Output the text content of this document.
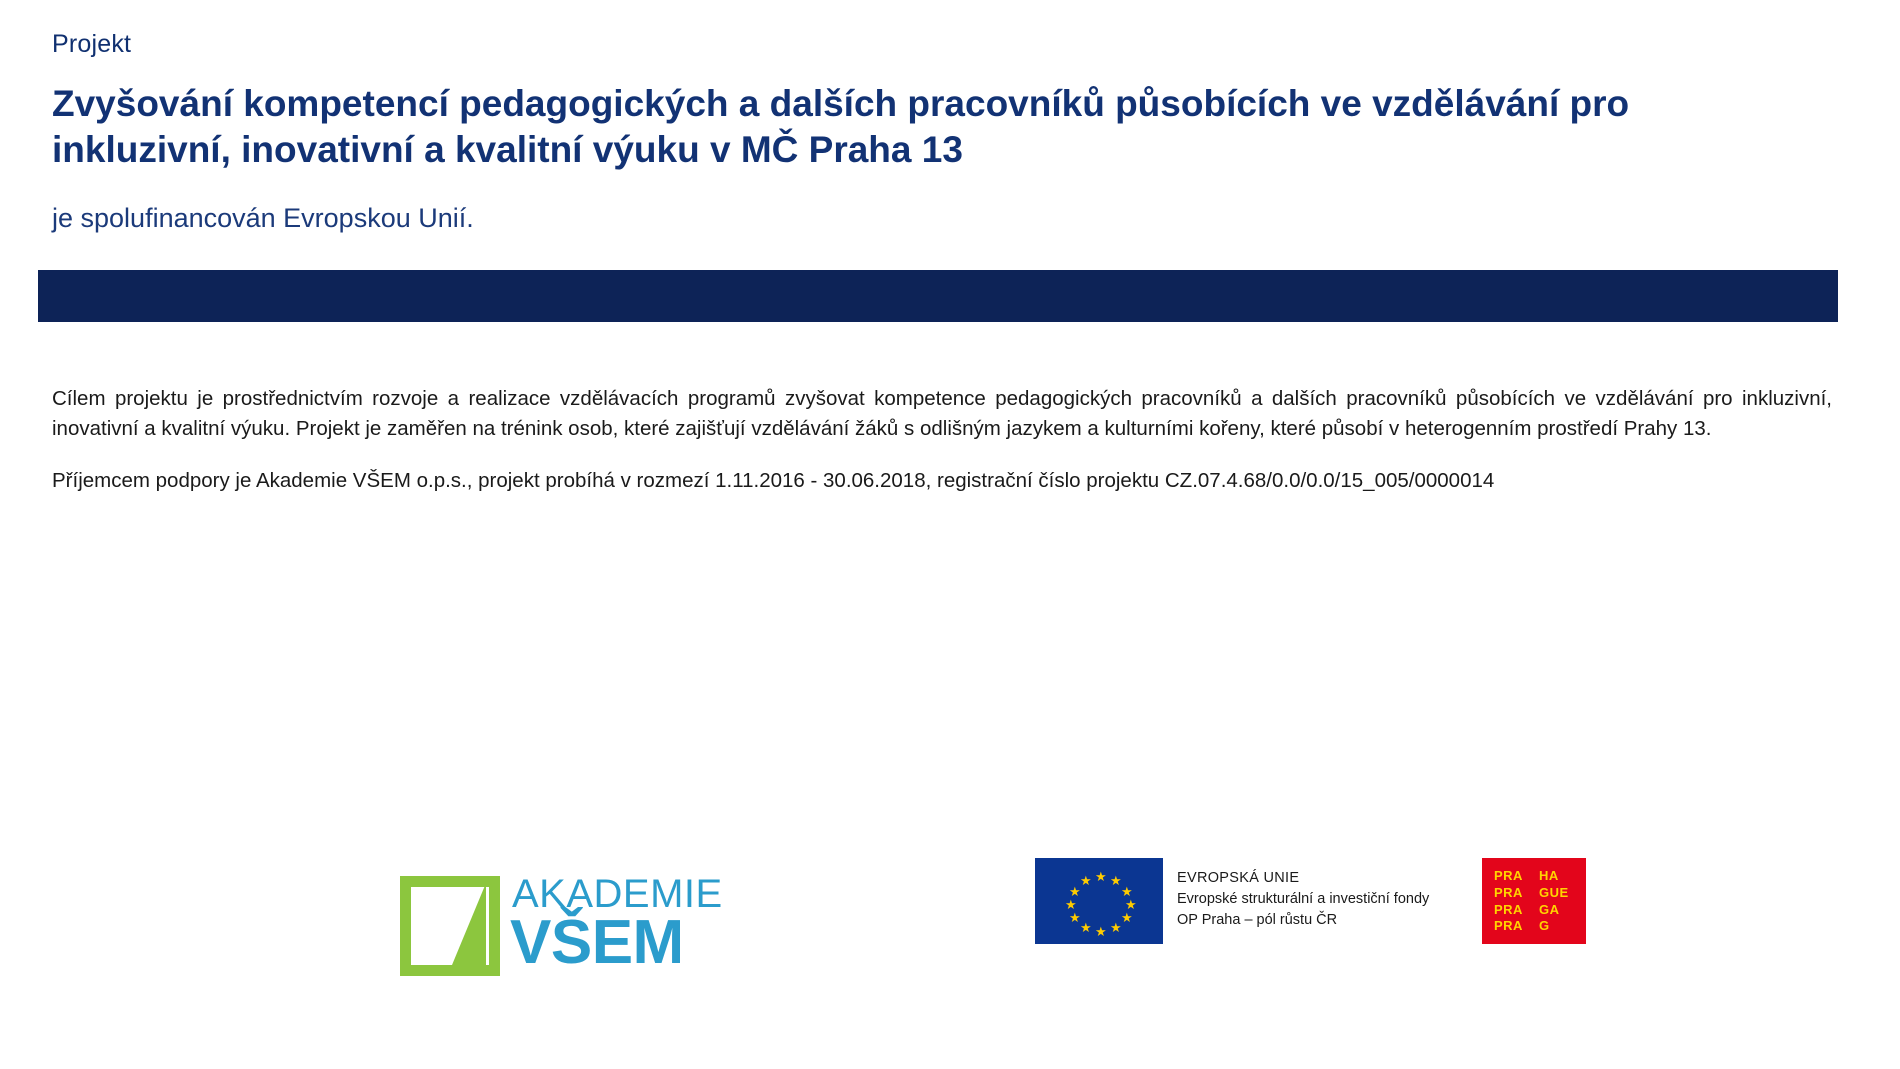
Projekt
Zvyšování kompetencí pedagogických a dalších pracovníků působících ve vzdělávání pro inkluzivní, inovativní a kvalitní výuku v MČ Praha 13
je spolufinancován Evropskou Unií.

Cílem projektu je prostřednictvím rozvoje a realizace vzdělávacích programů zvyšovat kompetence pedagogických pracovníků a dalších pracovníků působících ve vzdělávání pro inkluzivní, inovativní a kvalitní výuku. Projekt je zaměřen na trénink osob, které zajišťují vzdělávání žáků s odlišným jazykem a kulturními kořeny, které působí v heterogenním prostředí Prahy 13.

Příjemcem podpory je Akademie VŠEM o.p.s., projekt probíhá v rozmezí 1.11.2016 - 30.06.2018, registrační číslo projektu CZ.07.4.68/0.0/0.0/15_005/0000014

AKADEMIE
VŠEM
★
★ ★
★	★
★	★
★	★
★ ★
★
EVROPSKÁ UNIE
Evropské strukturální a investiční fondy
OP Praha – pól růstu ČR
PRA	HA
PRA	GUE
PRA	GA
PRA	G
